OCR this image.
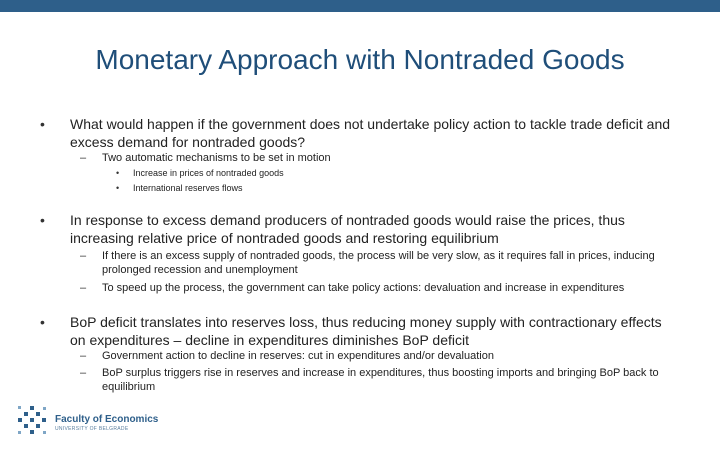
Monetary Approach with Nontraded Goods
• What would happen if the government does not undertake policy action to tackle trade deficit and excess demand for nontraded goods?
– Two automatic mechanisms to be set in motion
• Increase in prices of nontraded goods
• International reserves flows
• In response to excess demand producers of nontraded goods would raise the prices, thus increasing relative price of nontraded goods and restoring equilibrium
– If there is an excess supply of nontraded goods, the process will be very slow, as it requires fall in prices, inducing prolonged recession and unemployment
– To speed up the process, the government can take policy actions: devaluation and increase in expenditures
• BoP deficit translates into reserves loss, thus reducing money supply with contractionary effects on expenditures – decline in expenditures diminishes BoP deficit
– Government action to decline in reserves: cut in expenditures and/or devaluation
– BoP surplus triggers rise in reserves and increase in expenditures, thus boosting imports and bringing BoP back to equilibrium
Faculty of Economics
UNIVERSITY OF BELGRADE
